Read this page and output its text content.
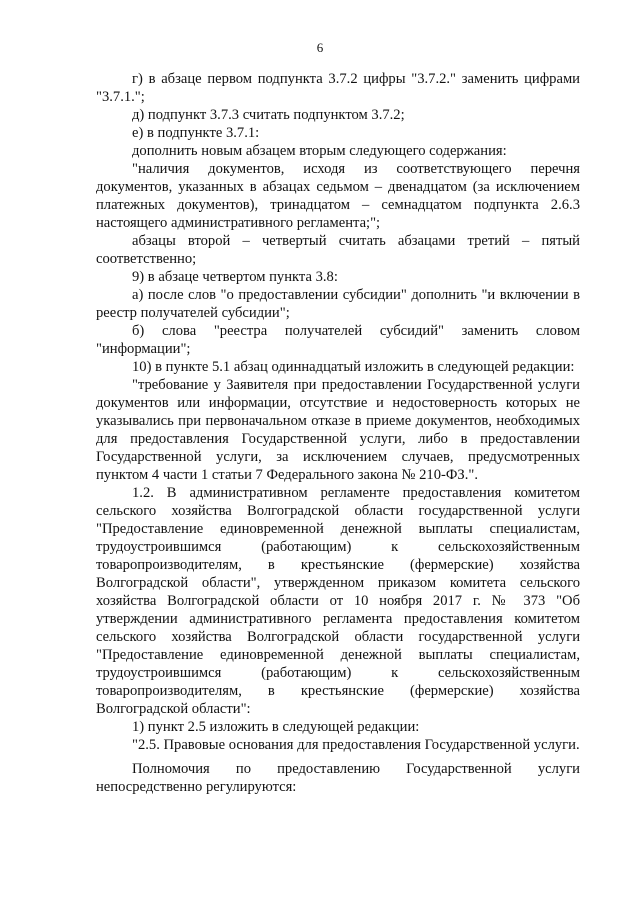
6

г) в абзаце первом подпункта 3.7.2 цифры "3.7.2." заменить цифрами "3.7.1.";

д) подпункт 3.7.3 считать подпунктом 3.7.2;

е) в подпункте 3.7.1:

дополнить новым абзацем вторым следующего содержания:

"наличия документов, исходя из соответствующего перечня документов, указанных в абзацах седьмом – двенадцатом (за исключением платежных документов), тринадцатом – семнадцатом подпункта 2.6.3 настоящего административного регламента;";

абзацы второй – четвертый считать абзацами третий – пятый соответственно;

9) в абзаце четвертом пункта 3.8:

а) после слов "о предоставлении субсидии" дополнить "и включении в реестр получателей субсидии";

б) слова "реестра получателей субсидий" заменить словом "информации";

10) в пункте 5.1 абзац одиннадцатый изложить в следующей редакции:

"требование у Заявителя при предоставлении Государственной услуги документов или информации, отсутствие и недостоверность которых не указывались при первоначальном отказе в приеме документов, необходимых для предоставления Государственной услуги, либо в предоставлении Государственной услуги, за исключением случаев, предусмотренных пунктом 4 части 1 статьи 7 Федерального закона № 210-ФЗ.".

1.2. В административном регламенте предоставления комитетом сельского хозяйства Волгоградской области государственной услуги "Предоставление единовременной денежной выплаты специалистам, трудоустроившимся (работающим) к сельскохозяйственным товаропроизводителям, в крестьянские (фермерские) хозяйства Волгоградской области", утвержденном приказом комитета сельского хозяйства Волгоградской области от 10 ноября 2017 г. № 373 "Об утверждении административного регламента предоставления комитетом сельского хозяйства Волгоградской области государственной услуги "Предоставление единовременной денежной выплаты специалистам, трудоустроившимся (работающим) к сельскохозяйственным товаропроизводителям, в крестьянские (фермерские) хозяйства Волгоградской области":

1) пункт 2.5 изложить в следующей редакции:

"2.5. Правовые основания для предоставления Государственной услуги.

Полномочия по предоставлению Государственной услуги непосредственно регулируются:
